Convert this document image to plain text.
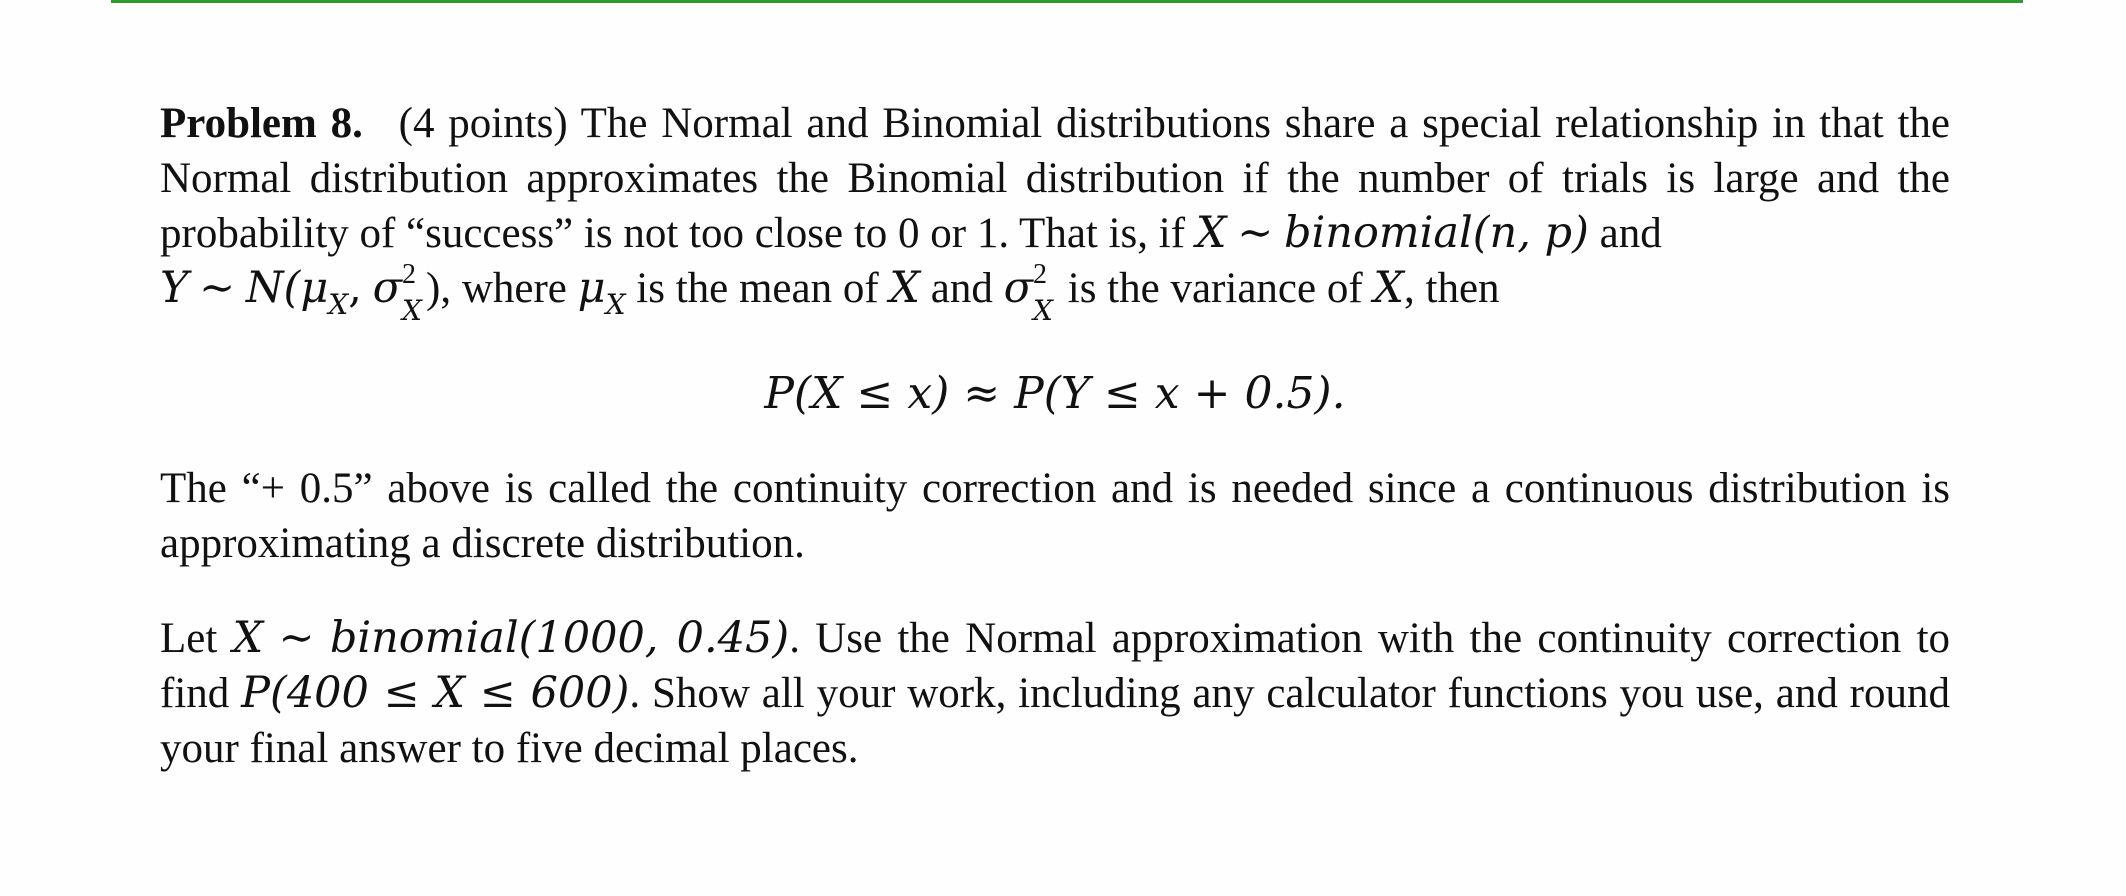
Problem 8. (4 points) The Normal and Binomial distributions share a special relationship in that the Normal distribution approximates the Binomial distribution if the number of trials is large and the probability of “success” is not too close to 0 or 1. That is, if X ∼ binomial(n, p) and
Y ∼ $N(\mu_X$, σ 2
X ), where $\mu_X$ is the mean of X and σ 2
X is the variance of X, then

P(X ≤ x) ≈ P(Y ≤ x + 0.5).

The “+ 0.5” above is called the continuity correction and is needed since a continuous distribution is approximating a discrete distribution.

Let X ∼ binomial(1000, 0.45). Use the Normal approximation with the continuity correction to find P(400 ≤ X ≤ 600). Show all your work, including any calculator functions you use, and round your final answer to five decimal places.
